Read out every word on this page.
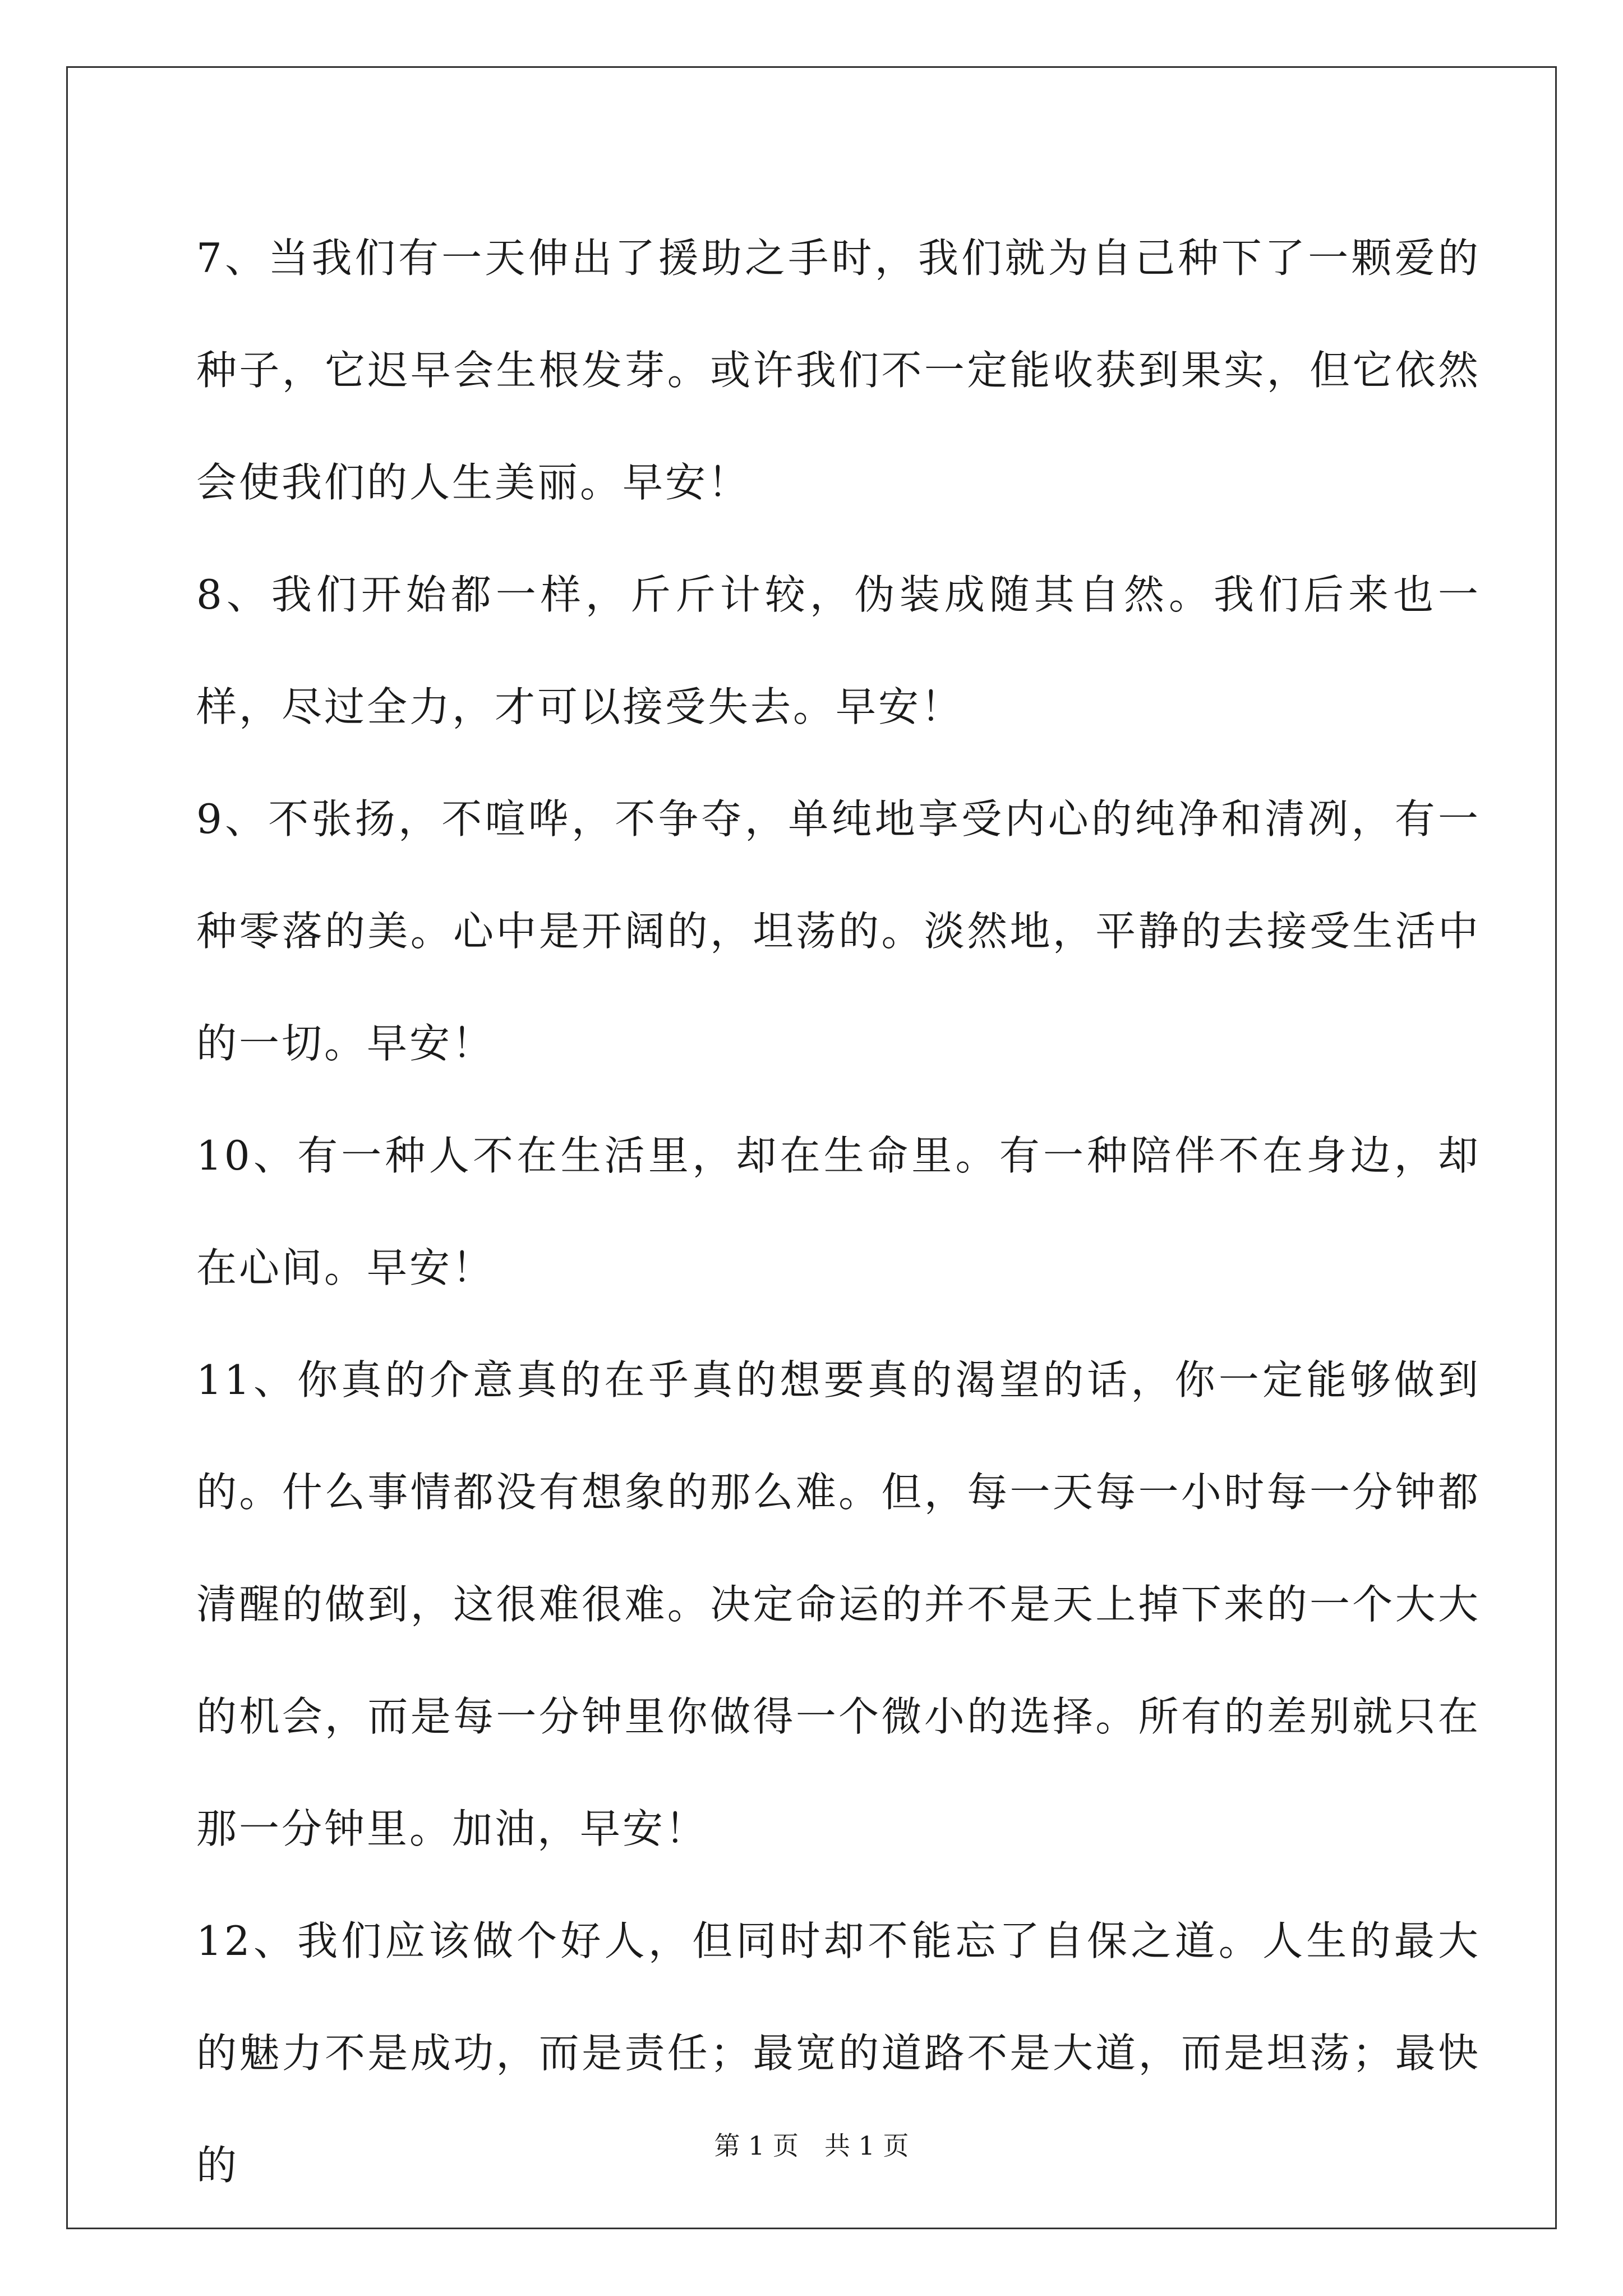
7、当我们有一天伸出了援助之手时，我们就为自己种下了一颗爱的种子，它迟早会生根发芽。或许我们不一定能收获到果实，但它依然会使我们的人生美丽。早安！

8、我们开始都一样，斤斤计较，伪装成随其自然。我们后来也一样，尽过全力，才可以接受失去。早安！

9、不张扬，不喧哗，不争夺，单纯地享受内心的纯净和清冽，有一种零落的美。心中是开阔的，坦荡的。淡然地，平静的去接受生活中的一切。早安！

10、有一种人不在生活里，却在生命里。有一种陪伴不在身边，却在心间。早安！

11、你真的介意真的在乎真的想要真的渴望的话，你一定能够做到的。什么事情都没有想象的那么难。但，每一天每一小时每一分钟都清醒的做到，这很难很难。决定命运的并不是天上掉下来的一个大大的机会，而是每一分钟里你做得一个微小的选择。所有的差别就只在那一分钟里。加油，早安！

12、我们应该做个好人，但同时却不能忘了自保之道。人生的最大的魅力不是成功，而是责任；最宽的道路不是大道，而是坦荡；最快的	第 1 页　共 1 页
